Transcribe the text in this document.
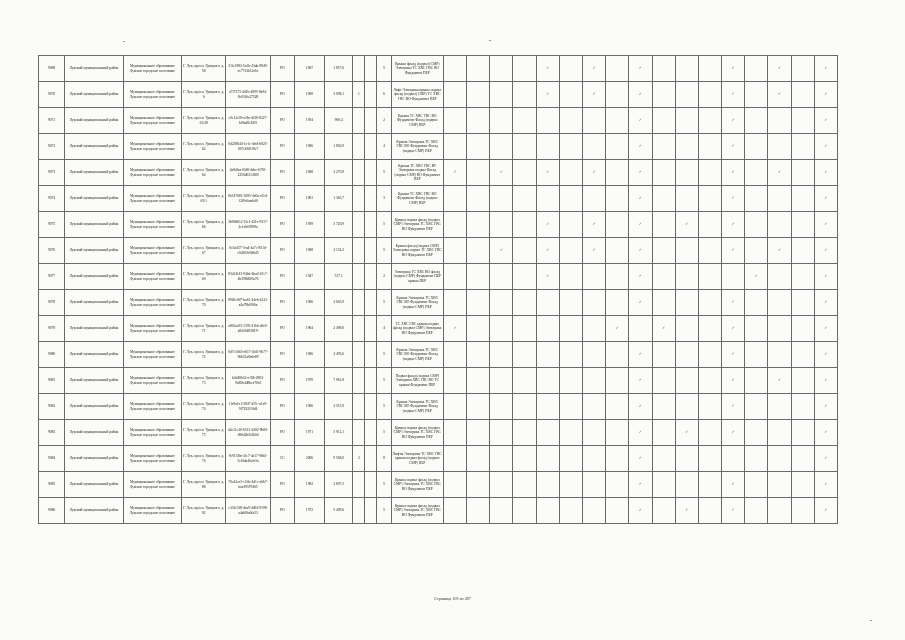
9069	Лукский муниципальный район	Муниципальное образование Лукское городское поселение	Г. Лук, просп. Урицкого, д. 58	31fc1983-5a1b-43ab-9849-ec7723b12e6c	РО	1967	1 857,6			5	Крыша фасад (подвал) СМР) Электрика ТС ХВС ГВС ВО Фундамент ПБР					✓		✓		✓				✓		✓		✓
9070	Лукский муниципальный район	Муниципальное образование Лукское городское поселение	Г. Лук, просп. Урицкого, д. 6	a7f7373-4d1b-4895-9a94-8c03f6c27528	РО	1969	3 098,1	1		6	Лифт Электрика крыша подвал фасад (подвал) СМР) ТС ХВС ГВС ВО Фундамент ПБР					✓		✓		✓				✓		✓		✓
9071	Лукский муниципальный район	Муниципальное образование Лукское городское поселение	Г. Лук, просп. Урицкого, д. 61/28	c0c12c39-e2bc-4f36-8227-bf9ad8c3f05	РО	1954	969,4			2	Крыша ТС ХВС ГВС ВО Фундамент Фасад (подвал СМР) ПБР									✓				✓				✓
9072	Лукский муниципальный район	Муниципальное образование Лукское городское поселение	Г. Лук, просп. Урицкого, д. 62	0d238644-1e1c-4efd-b825-567cb5f018c7	РО	1966	1 802,9			4	Крыша Электрика ТС ХВС ГВС ВО Фундамент Фасад (подвал СМР) ПБР									✓				✓				✓
9073	Лукский муниципальный район	Муниципальное образование Лукское городское поселение	Г. Лук, просп. Урицкого, д. 64	4a8dfea-f0d8-4ebe-b765-2256d02128f0	РО	1968	4 270,9			5	Крыша ТС ХВС ГВС ВУ Электрика подвал Фасад (подвал СМР) ВО Фундамент ПБР	✓		✓		✓		✓		✓				✓		✓		✓
9074	Лукский муниципальный район	Муниципальное образование Лукское городское поселение	Г. Лук, просп. Урицкого, д. 65/1	0b147681-3695-4e0a-a7e4-12f9c6aeda0f	РО	1961	1 363,7			3	Крыша ТС ХВС ГВС ВО Фундамент Фасад (подвал СМР) ПБР									✓				✓				✓
9075	Лукский муниципальный район	Муниципальное образование Лукское городское поселение	Г. Лук, просп. Урицкого, д. 66	3b90d612-f3c1-421e-9317-2c1eb69399a	РО	1959	3 720,9			5	Крыша подвал фасад (подвал СМР) Электрика ТС ХВС ГВС ВО Фундамент ПБР					✓		✓		✓		✓		✓				✓
9076	Лукский муниципальный район	Муниципальное образование Лукское городское поселение	Г. Лук, просп. Урицкого, д. 67	0c5a437-7ea4-4a7c-851d-c6d303e9d6d5	РО	1968	4 154,2			5	Крыша фасад (подвал СМР) Электрика подвал ТС ХВС ГВС ВО Фундамент ПБР			✓		✓		✓		✓				✓		✓		✓
9077	Лукский муниципальный район	Муниципальное образование Лукское городское поселение	Г. Лук, просп. Урицкого, д. 69	83d14f43-94bd-4ba4-b7c7-4b398d0f0a76	РО	1947	517,1			2	Электрика ТС ХВС ВО фасад (подвал СМР) Фундамент ПБР крыша ПБР					✓				✓					✓			✓
9078	Лукский муниципальный район	Муниципальное образование Лукское городское поселение	Г. Лук, просп. Урицкого, д. 70	0926c9d7-ba61-44eb-b121-a4a78b09f6a	РО	1966	4 043,9			5	Крыша Электрика ТС ХВС ГВС ВО Фундамент Фасад (подвал СМР) ПБР									✓				✓				✓
9079	Лукский муниципальный район	Муниципальное образование Лукское городское поселение	Г. Лук, просп. Урицкого, д. 71	a963ac03-1376-41b6-a9e5-a84c9d83947f	РО	1964	2 498,0			4	ТС ХВС ГВС крыша подвал фасад (подвал СМР) Электрика ВО Фундамент ПБР	✓							✓		✓			✓				✓
9080	Лукский муниципальный район	Муниципальное образование Лукское городское поселение	Г. Лук, просп. Урицкого, д. 72	0d7c1b63-e617-4fd1-9b77-96b51a8e6e89	РО	1966	4 493,6			5	Крыша Электрика ТС ХВС ГВС ВО Фундамент Фасад (подвал СМР) ПБР									✓				✓				✓
9081	Лукский муниципальный район	Муниципальное образование Лукское городское поселение	Г. Лук, просп. Урицкого, д. 73	b4d48b32-e186-4903-9a85b4d8bce7f6d	РО	1970	7 961,8			5	Подвал фасад (подвал СМР) Электрика ХВС ГВС ВО ТС крыша Фундамент ПБР									✓				✓		✓		✓
9082	Лукский муниципальный район	Муниципальное образование Лукское городское поселение	Г. Лук, просп. Урицкого, д. 74	1fe9a1e1-5847-4f7c-a1e0-9f7292f10d4	РО	1966	4 515,9			5	Крыша Электрика ТС ХВС ГВС ВО Фундамент Фасад (подвал СМР) ПБР									✓				✓				✓
9083	Лукский муниципальный район	Муниципальное образование Лукское городское поселение	Г. Лук, просп. Урицкого, д. 75	d2e11c20-6313-4402-9b00-d96d2b5f4b0d	РО	1971	5 912,1			5	Крыша подвал фасад (подвал СМР) Электрика ТС ХВС ГВС ВО Фундамент ПБР									✓		✓		✓				✓
9084	Лукский муниципальный район	Муниципальное образование Лукское городское поселение	Г. Лук, просп. Урицкого, д. 76	9c91f36e-2fc7-4a17-96b3-5c6fda46cfe5a	СС	2006	9 568,0	2		8	Лифты Электрика ТС ХВС ГВС крыша подвал фасад (подвал СМР) ПБР									✓								✓
9085	Лукский муниципальный район	Муниципальное образование Лукское городское поселение	Г. Лук, просп. Урицкого, д. 88	70c42ce3-c1bb-4d1c-a6b7-bae39597d65	РО	1982	2 697,5			5	Крыша подвал фасад (подвал СМР) Электрика ТС ХВС ГВС ВО Фундамент ПБР									✓				✓				✓
9086	Лукский муниципальный район	Муниципальное образование Лукское городское поселение	Г. Лук, просп. Урицкого, д. 92	c332c5f8-4ea9-4d04-9198-a4a60fa6fa53	РО	1972	5 409,6			5	Крыша подвал фасад (подвал СМР) Электрика ТС ХВС ГВС ВО Фундамент ПБР									✓		✓		✓				✓
Страница 105 из 287
